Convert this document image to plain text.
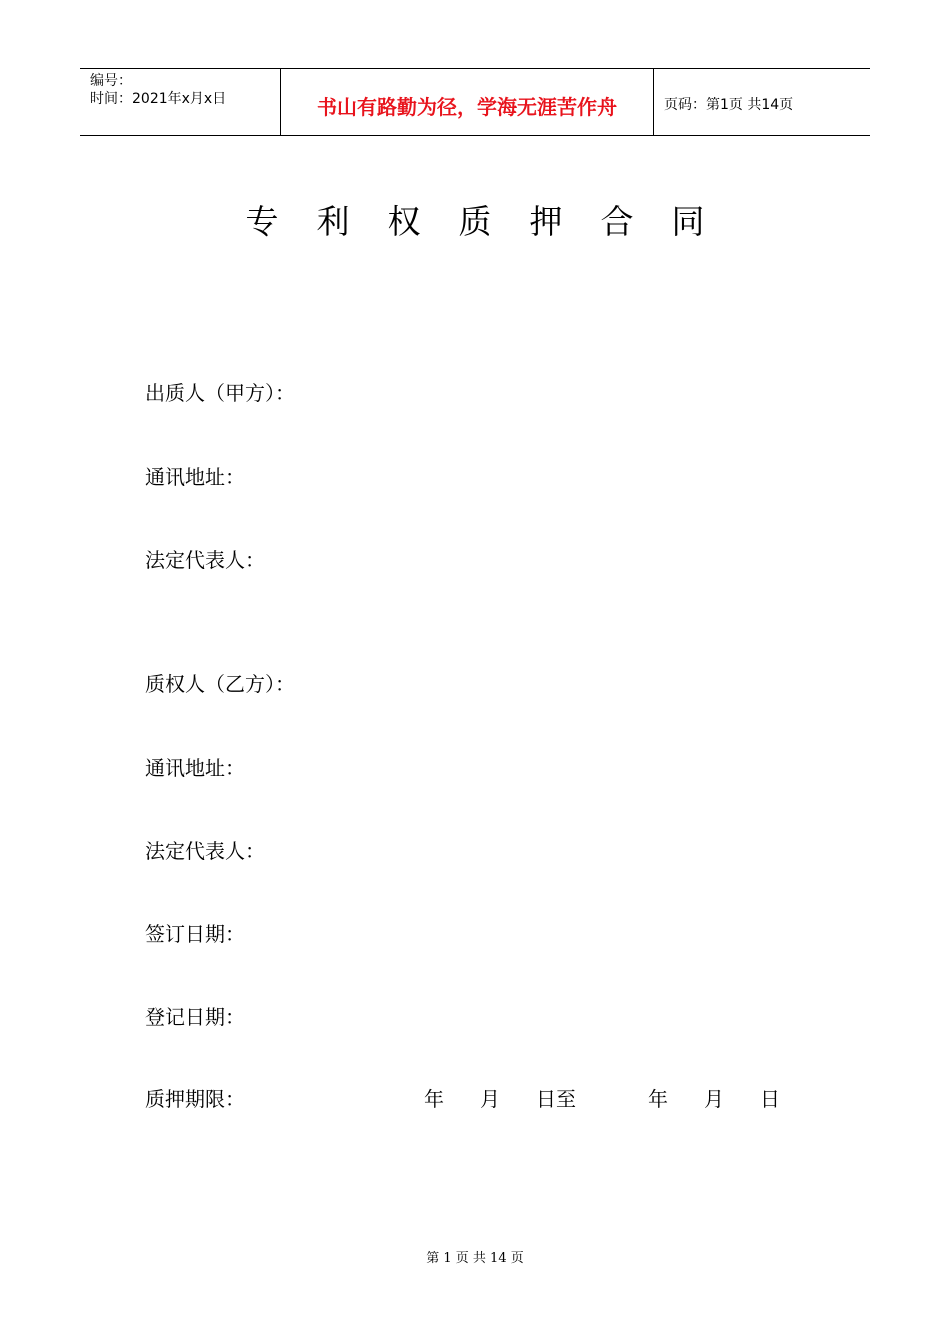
编号：
时间：2021年x月x日	书山有路勤为径，学海无涯苦作舟	页码：第1页 共14页
专利权质押合同
出质人（甲方）：
通讯地址：
法定代表人：
质权人（乙方）：
通讯地址：
法定代表人：
签订日期：
登记日期：
质押期限：	年 月 日至	年 月 日
第 1 页 共 14 页
